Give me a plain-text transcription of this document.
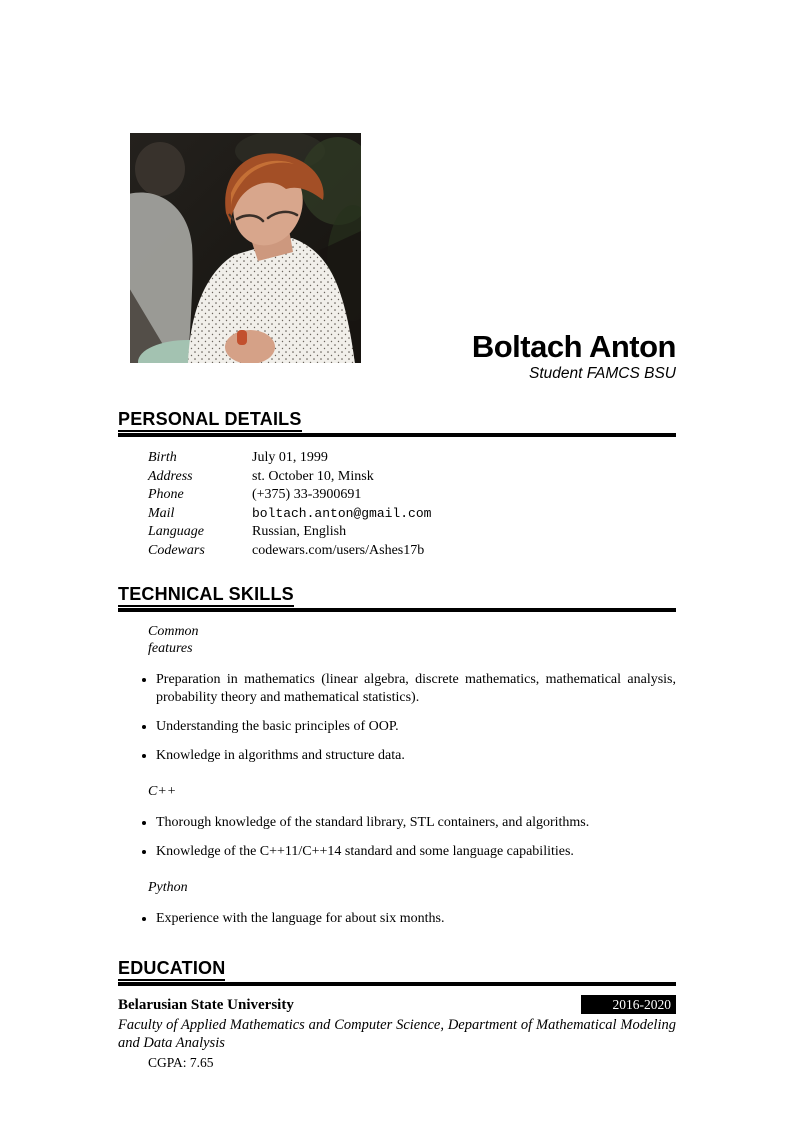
Boltach Anton
Student FAMCS BSU
PERSONAL DETAILS
Birth	July 01, 1999
Address	st. October 10, Minsk
Phone	(+375) 33-3900691
Mail	boltach.anton@gmail.com
Language	Russian, English
Codewars	codewars.com/users/Ashes17b
TECHNICAL SKILLS
Common features
• Preparation in mathematics (linear algebra, discrete mathematics, mathematical analysis, probability theory and mathematical statistics).
• Understanding the basic principles of OOP.
• Knowledge in algorithms and structure data.
C++
• Thorough knowledge of the standard library, STL containers, and algorithms.
• Knowledge of the C++11/C++14 standard and some language capabilities.
Python
• Experience with the language for about six months.
EDUCATION
Belarusian State University	2016-2020
Faculty of Applied Mathematics and Computer Science, Department of Mathematical Modeling and Data Analysis
CGPA: 7.65
